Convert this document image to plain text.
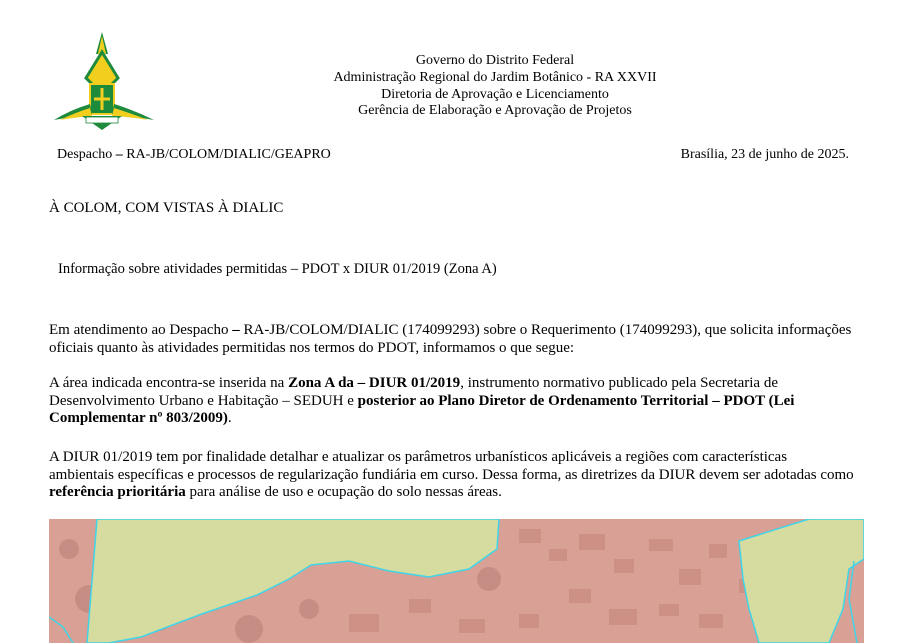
Governo do Distrito Federal
Administração Regional do Jardim Botânico - RA XXVII
Diretoria de Aprovação e Licenciamento
Gerência de Elaboração e Aprovação de Projetos
Despacho – RA-JB/COLOM/DIALIC/GEAPRO	Brasília, 23 de junho de 2025.
À COLOM, COM VISTAS À DIALIC
Informação sobre atividades permitidas – PDOT x DIUR 01/2019 (Zona A)
Em atendimento ao Despacho – RA-JB/COLOM/DIALIC (174099293) sobre o Requerimento (174099293), que solicita informações oficiais quanto às atividades permitidas nos termos do PDOT, informamos o que segue:
A área indicada encontra-se inserida na Zona A da – DIUR 01/2019, instrumento normativo publicado pela Secretaria de Desenvolvimento Urbano e Habitação – SEDUH e posterior ao Plano Diretor de Ordenamento Territorial – PDOT (Lei Complementar nº 803/2009).
A DIUR 01/2019 tem por finalidade detalhar e atualizar os parâmetros urbanísticos aplicáveis a regiões com características ambientais específicas e processos de regularização fundiária em curso. Dessa forma, as diretrizes da DIUR devem ser adotadas como referência prioritária para análise de uso e ocupação do solo nessas áreas.
